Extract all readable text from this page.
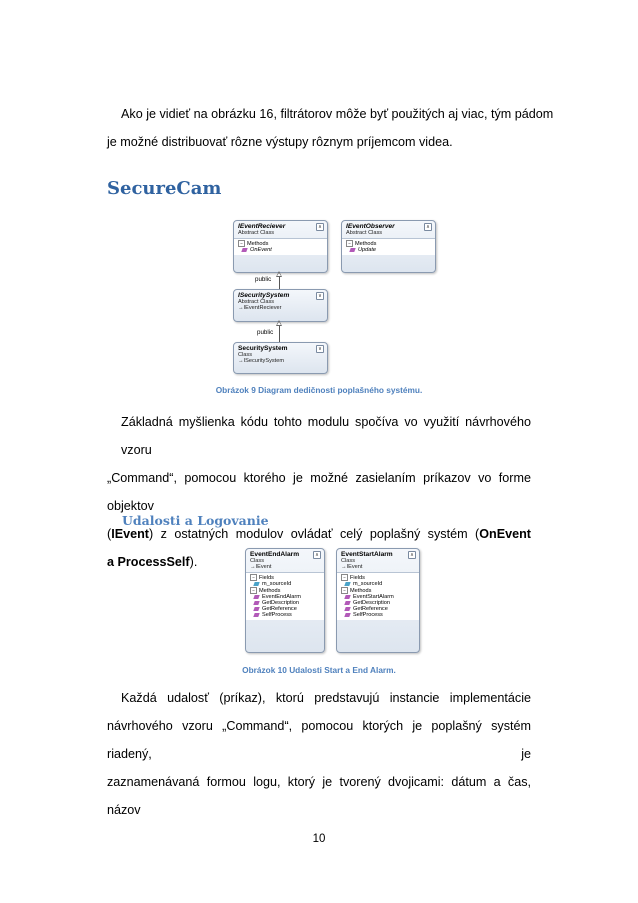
Ako je vidieť na obrázku 16, filtrátorov môže byť použitých aj viac, tým pádom
je možné distribuovať rôzne výstupy rôznym príjemcom videa.
SecureCam
IEventReciever
Abstract Class
∧
− Methods
OnEvent
IEventObserver
Abstract Class
∧
− Methods
Update
public
ISecuritySystem
Abstract Class
→IEventReciever
∨
public
SecuritySystem
Class
→ISecuritySystem
∨
Obrázok 9 Diagram dedičnosti poplašného systému.
Základná myšlienka kódu tohto modulu spočíva vo využití návrhového vzoru
„Command“, pomocou ktorého je možné zasielaním príkazov vo forme objektov
(IEvent) z ostatných modulov ovládať celý poplašný systém (OnEvent
a ProcessSelf).
Udalosti a Logovanie
EventEndAlarm
Class
→IEvent
∧
− Fields
m_sourceId
− Methods
EventEndAlarm
GetDescription
GetReference
SelfProcess
EventStartAlarm
Class
→IEvent
∧
− Fields
m_sourceId
− Methods
EventStartAlarm
GetDescription
GetReference
SelfProcess
Obrázok 10 Udalosti Start a End Alarm.
Každá udalosť (príkaz), ktorú predstavujú instancie implementácie
návrhového vzoru „Command“, pomocou ktorých je poplašný systém riadený, je
zaznamenávaná formou logu, ktorý je tvorený dvojicami: dátum a čas, názov
10
